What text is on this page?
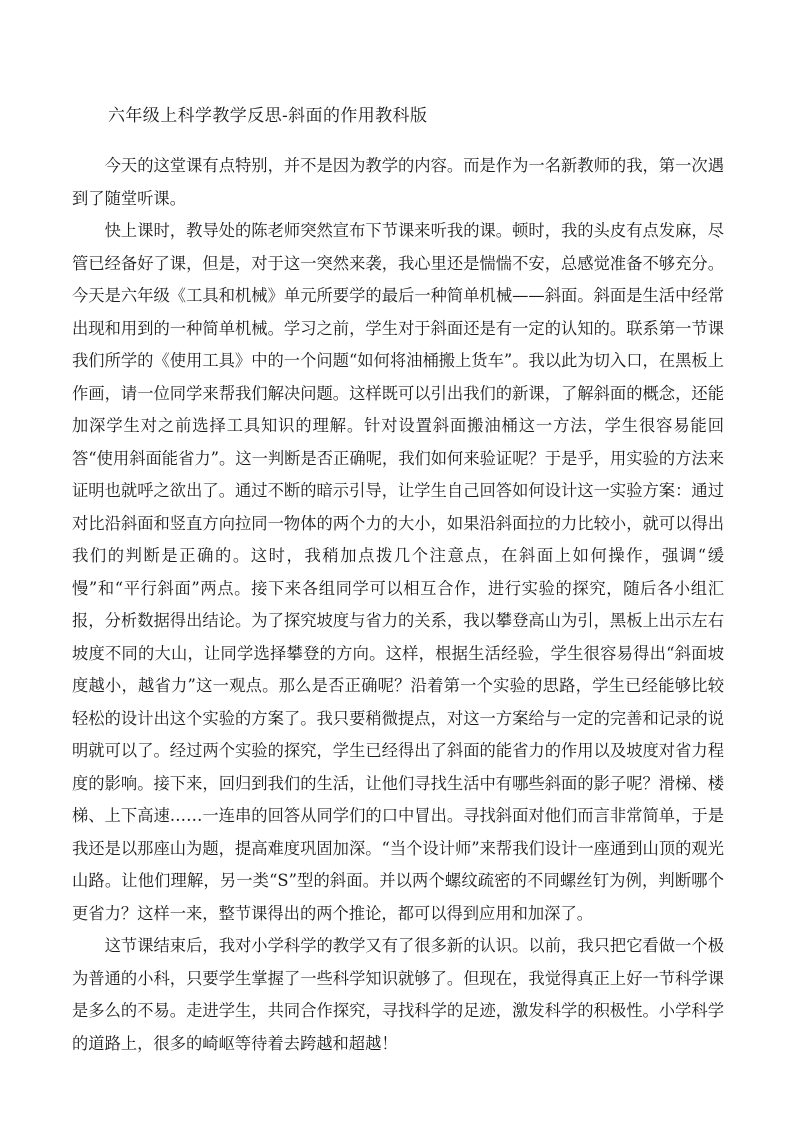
六年级上科学教学反思-斜面的作用教科版

今天的这堂课有点特别，并不是因为教学的内容。而是作为一名新教师的我，第一次遇到了随堂听课。

快上课时，教导处的陈老师突然宣布下节课来听我的课。顿时，我的头皮有点发麻，尽管已经备好了课，但是，对于这一突然来袭，我心里还是惴惴不安，总感觉准备不够充分。今天是六年级《工具和机械》单元所要学的最后一种简单机械——斜面。斜面是生活中经常出现和用到的一种简单机械。学习之前，学生对于斜面还是有一定的认知的。联系第一节课我们所学的《使用工具》中的一个问题“如何将油桶搬上货车”。我以此为切入口，在黑板上作画，请一位同学来帮我们解决问题。这样既可以引出我们的新课，了解斜面的概念，还能加深学生对之前选择工具知识的理解。针对设置斜面搬油桶这一方法，学生很容易能回答“使用斜面能省力”。这一判断是否正确呢，我们如何来验证呢？于是乎，用实验的方法来证明也就呼之欲出了。通过不断的暗示引导，让学生自己回答如何设计这一实验方案：通过对比沿斜面和竖直方向拉同一物体的两个力的大小，如果沿斜面拉的力比较小，就可以得出我们的判断是正确的。这时，我稍加点拨几个注意点，在斜面上如何操作，强调“缓慢”和“平行斜面”两点。接下来各组同学可以相互合作，进行实验的探究，随后各小组汇报，分析数据得出结论。为了探究坡度与省力的关系，我以攀登高山为引，黑板上出示左右坡度不同的大山，让同学选择攀登的方向。这样，根据生活经验，学生很容易得出“斜面坡度越小，越省力”这一观点。那么是否正确呢？沿着第一个实验的思路，学生已经能够比较轻松的设计出这个实验的方案了。我只要稍微提点，对这一方案给与一定的完善和记录的说明就可以了。经过两个实验的探究，学生已经得出了斜面的能省力的作用以及坡度对省力程度的影响。接下来，回归到我们的生活，让他们寻找生活中有哪些斜面的影子呢？滑梯、楼梯、上下高速……一连串的回答从同学们的口中冒出。寻找斜面对他们而言非常简单，于是我还是以那座山为题，提高难度巩固加深。“当个设计师”来帮我们设计一座通到山顶的观光山路。让他们理解，另一类“S”型的斜面。并以两个螺纹疏密的不同螺丝钉为例，判断哪个更省力？这样一来，整节课得出的两个推论，都可以得到应用和加深了。

这节课结束后，我对小学科学的教学又有了很多新的认识。以前，我只把它看做一个极为普通的小科，只要学生掌握了一些科学知识就够了。但现在，我觉得真正上好一节科学课是多么的不易。走进学生，共同合作探究，寻找科学的足迹，激发科学的积极性。小学科学的道路上，很多的崎岖等待着去跨越和超越！
